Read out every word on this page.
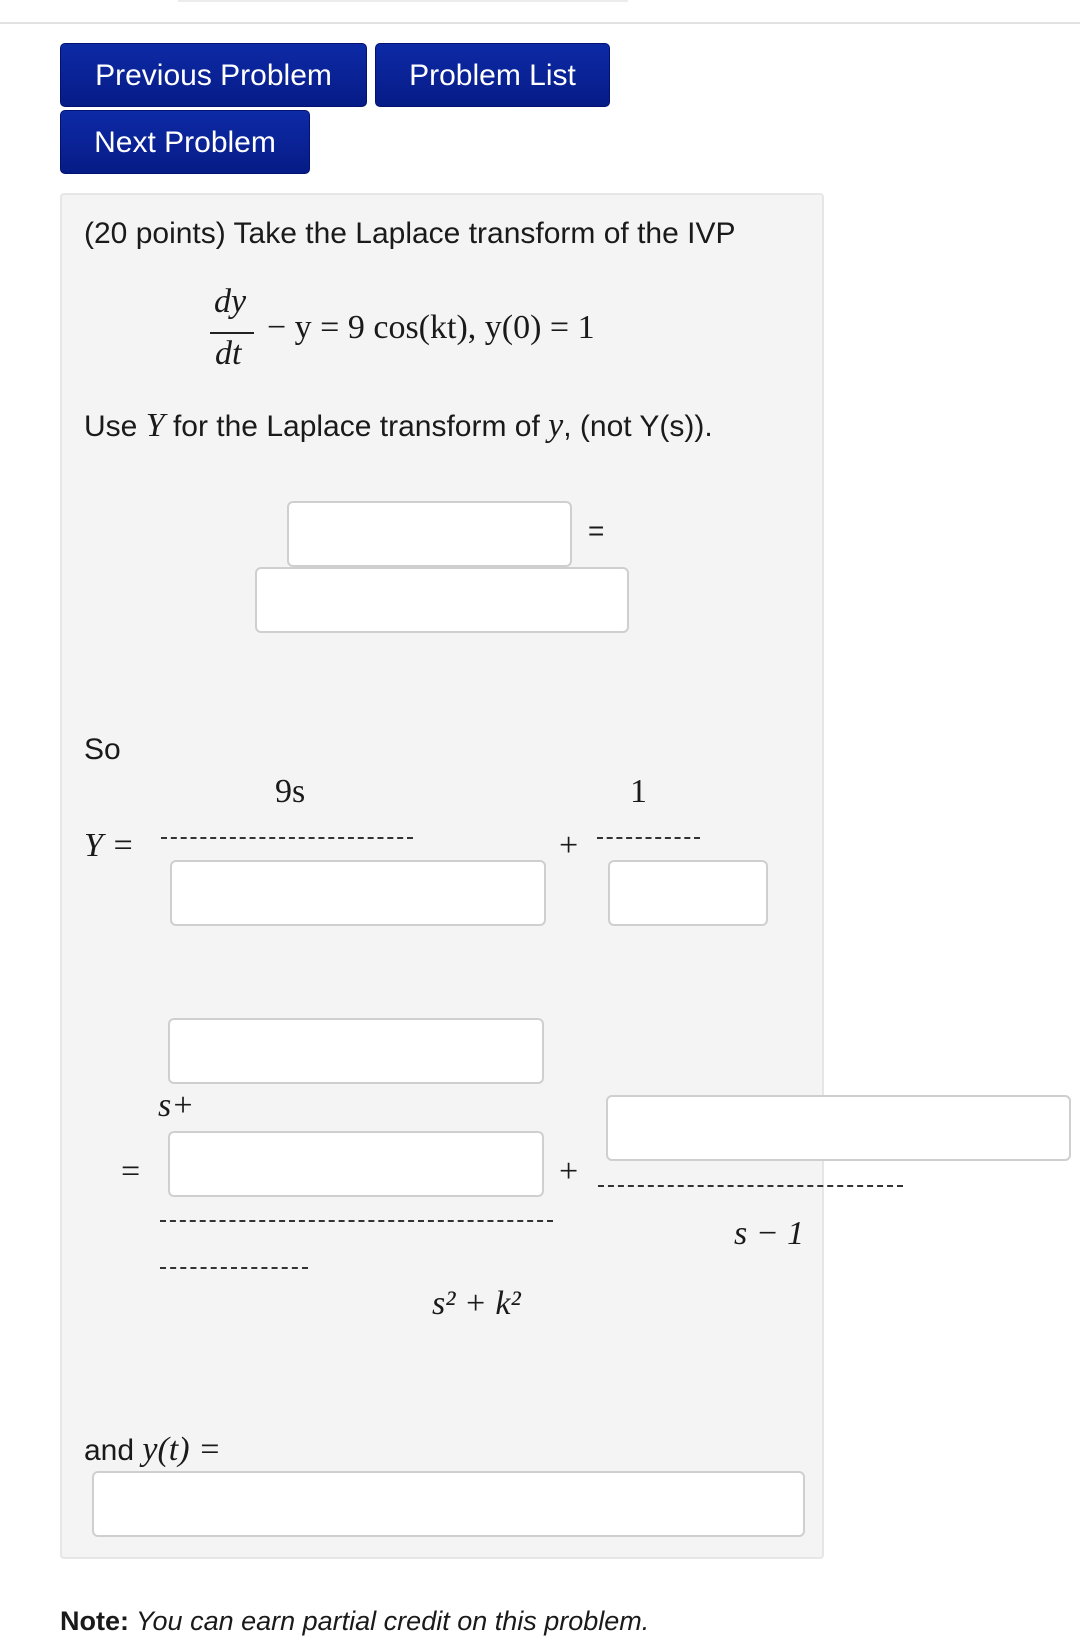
Previous Problem	Problem List
Next Problem
(20 points) Take the Laplace transform of the IVP
dy
dt
− y = 9 cos(kt), y(0) = 1
Use Y for the Laplace transform of y, (not Y(s)).
=
So
9s	1
Y =	+
s+
=	+
s − 1
s² + k²
and y(t) =
Note: You can earn partial credit on this problem.
